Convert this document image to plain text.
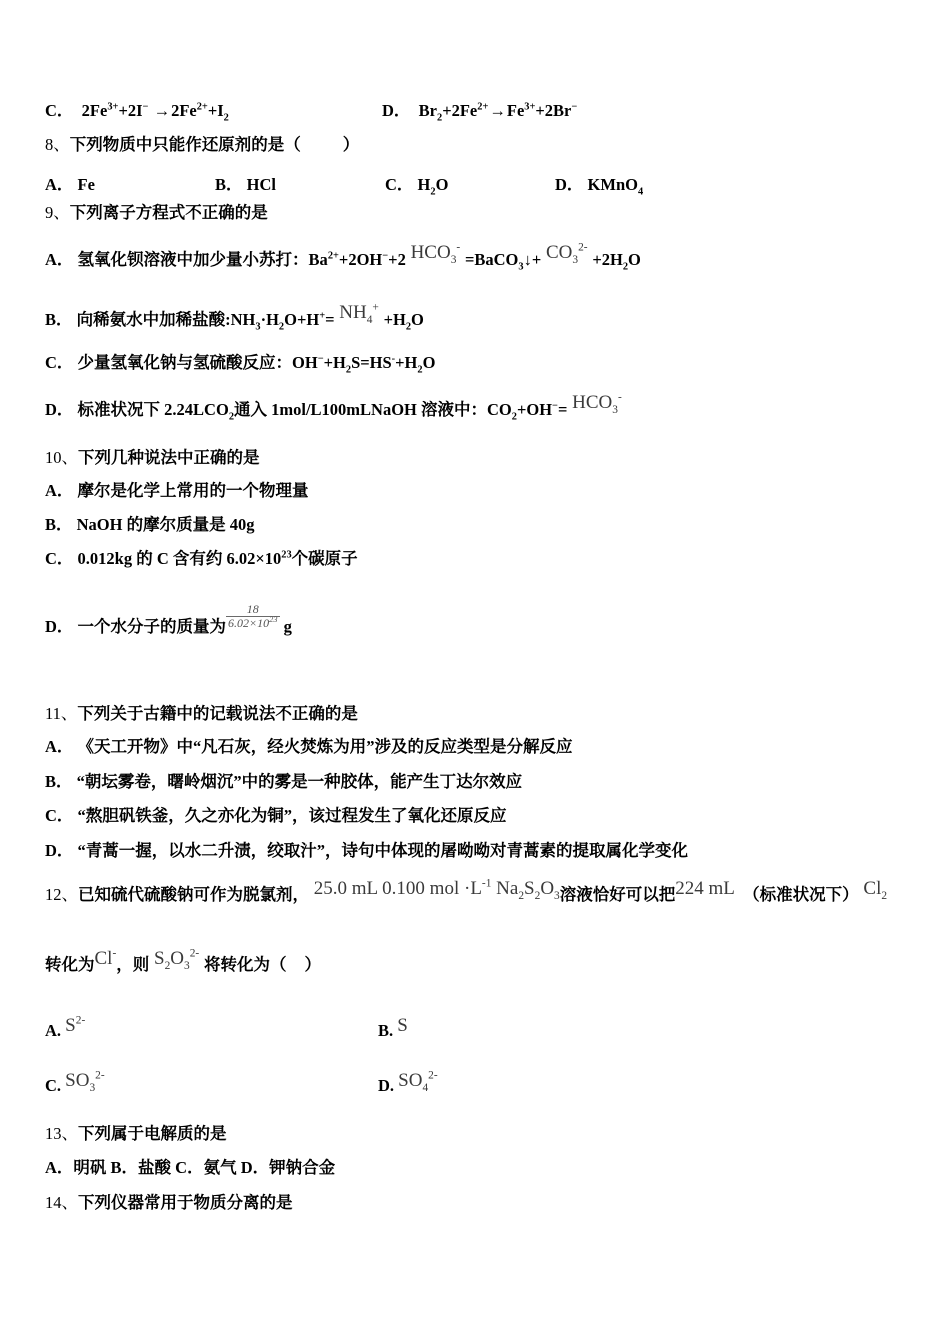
C． $2Fe^{3+}+2I^- \to 2Fe^{2+}+I_2$	D． $Br_2+2Fe^{2+}\to Fe^{3+}+2Br^-$
8、下列物质中只能作还原剂的是（	）
A． Fe	B． HCl	C． $H_2O$	D． KMnO$_4$
9、下列离子方程式不正确的是
A． 氢氧化钡溶液中加少量小苏打：$Ba^{2+}+2OH^-+2$ $HCO_3^-$ =BaCO$_3$↓+ $CO_3^{2-} +2H_2O$
B． 向稀氨水中加稀盐酸$:NH_3\cdot H_2O+H^+= NH_4^+ +H_2O$
C． 少量氢氧化钠与氢硫酸反应：$OH^-+H_2S=HS^-+H_2O$
D． 标准状况下 $2.24LCO_2$通入 1mol/L100mLNaOH 溶液中：$CO_2+OH^-= HCO_3^-$
10、下列几种说法中正确的是
A． 摩尔是化学上常用的一个物理量
B． NaOH 的摩尔质量是 40g
C． 0.012kg 的 C 含有约 $6.02\times 10^{23}$个碳原子
D． 一个水分子的质量为 $\frac{18}{6.02\times 10^{23}}$ g
11、下列关于古籍中的记载说法不正确的是
A． 《天工开物》中“凡石灰，经火焚炼为用”涉及的反应类型是分解反应
B． “朝坛雾卷，曙岭烟沉”中的雾是一种胶体，能产生丁达尔效应
C． “熬胆矾铁釜，久之亦化为铜”，该过程发生了氧化还原反应
D． “青蒿一握，以水二升渍，绞取汁”，诗句中体现的屠呦呦对青蒿素的提取属化学变化
12、已知硫代硫酸钠可作为脱氯剂， 25.0 mL 0.100 mol $\cdot L^{-1}$ $Na_2S_2O_3$溶液恰好可以把224 mL （标准状况下） $Cl_2$
转化为Cl-，则 $S_2O_3^{2-}$ 将转化为（ ）
A. $S^{2-}$
B. S
C. $SO_3^{2-}$
D. $SO_4^{2-}$
13、下列属于电解质的是
A．明矾 B．盐酸 C．氨气 D．钾钠合金
14、下列仪器常用于物质分离的是
